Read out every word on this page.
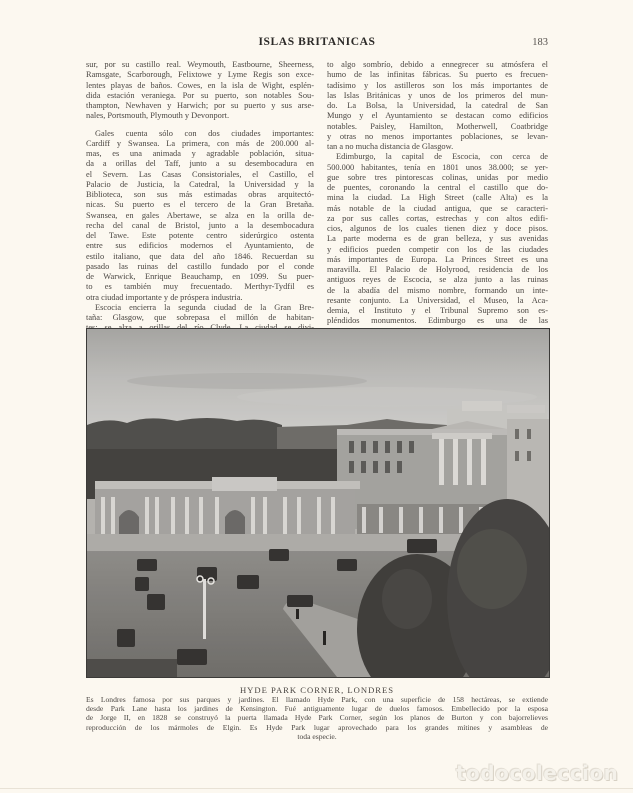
ISLAS BRITANICAS	183

sur, por su castillo real. Weymouth, Eastbourne, Sheerness,
Ramsgate, Scarborough, Felixtowe y Lyme Regis son exce-
lentes playas de baños. Cowes, en la isla de Wight, esplén-
dida estación veraniega. Por su puerto, son notables Sou-
thampton, Newhaven y Harwich; por su puerto y sus arse-
nales, Portsmouth, Plymouth y Devonport.

Gales cuenta sólo con dos ciudades importantes:
Cardiff y Swansea. La primera, con más de 200.000 al-
mas, es una animada y agradable población, situa-
da a orillas del Taff, junto a su desembocadura en
el Severn. Las Casas Consistoriales, el Castillo, el
Palacio de Justicia, la Catedral, la Universidad y la
Biblioteca, son sus más estimadas obras arquitectó-
nicas. Su puerto es el tercero de la Gran Bretaña.
Swansea, en gales Abertawe, se alza en la orilla de-
recha del canal de Bristol, junto a la desembocadura
del Tawe. Este potente centro siderúrgico ostenta
entre sus edificios modernos el Ayuntamiento, de
estilo italiano, que data del año 1846. Recuerdan su
pasado las ruinas del castillo fundado por el conde
de Warwick, Enrique Beauchamp, en 1099. Su puer-
to es también muy frecuentado. Merthyr-Tydfil es
otra ciudad importante y de próspera industria.

Escocia encierra la segunda ciudad de la Gran Bre-
taña: Glasgow, que sobrepasa el millón de habitan-

to algo sombrío, debido a ennegrecer su atmósfera el
humo de las infinitas fábricas. Su puerto es frecuen-
tadísimo y los astilleros son los más importantes de
las Islas Británicas y unos de los primeros del mun-
do. La Bolsa, la Universidad, la catedral de San
Mungo y el Ayuntamiento se destacan como edificios
notables. Paisley, Hamilton, Motherwell, Coatbridge
y otras no menos importantes poblaciones, se levan-
tan a no mucha distancia de Glasgow.

Edimburgo, la capital de Escocia, con cerca de
500.000 habitantes, tenía en 1801 unos 38.000; se yer-
gue sobre tres pintorescas colinas, unidas por medio
de puentes, coronando la central el castillo que do-
mina la ciudad. La High Street (calle Alta) es la
más notable de la ciudad antigua, que se caracteri-
za por sus calles cortas, estrechas y con altos edifi-
cios, algunos de los cuales tienen diez y doce pisos.
La parte moderna es de gran belleza, y sus avenidas
y edificios pueden competir con los de las ciudades
más importantes de Europa. La Princes Street es una
maravilla. El Palacio de Holyrood, residencia de los
antiguos reyes de Escocia, se alza junto a las ruinas
de la abadía del mismo nombre, formando un inte-
resante conjunto. La Universidad, el Museo, la Aca-
demia, el Instituto y el Tribunal Supremo son es-
pléndidos monumentos. Edimburgo es una de las

HYDE PARK CORNER, LONDRES
Es Londres famosa por sus parques y jardines. El llamado Hyde Park, con una superficie de 158 hectáreas, se extiende
desde Park Lane hasta los jardines de Kensington. Fué antiguamente lugar de duelos famosos. Embellecido por la esposa
de Jorge II, en 1828 se construyó la puerta llamada Hyde Park Corner, según los planos de Burton y con bajorrelieves
reproducción de los mármoles de Elgin. Es Hyde Park lugar aprovechado para los grandes mítines y asambleas de
toda especie.
todocoleccion
